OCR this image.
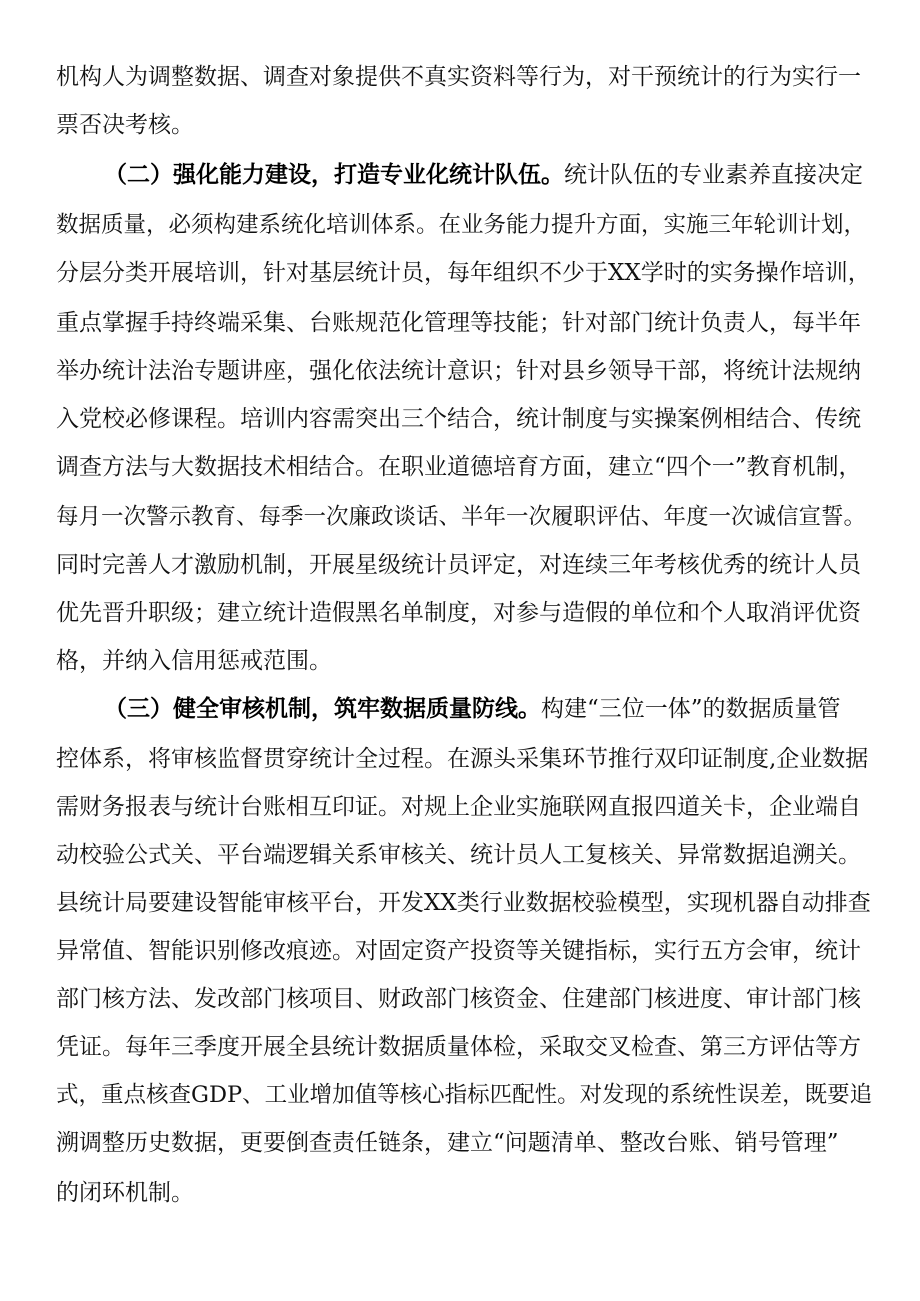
机构人为调整数据、调查对象提供不真实资料等行为，对干预统计的行为实行一

票否决考核。

（二）强化能力建设，打造专业化统计队伍。统计队伍的专业素养直接决定

数据质量，必须构建系统化培训体系。在业务能力提升方面，实施三年轮训计划，

分层分类开展培训，针对基层统计员，每年组织不少于XX学时的实务操作培训，

重点掌握手持终端采集、台账规范化管理等技能；针对部门统计负责人，每半年

举办统计法治专题讲座，强化依法统计意识；针对县乡领导干部，将统计法规纳

入党校必修课程。培训内容需突出三个结合，统计制度与实操案例相结合、传统

调查方法与大数据技术相结合。在职业道德培育方面，建立“四个一”教育机制，

每月一次警示教育、每季一次廉政谈话、半年一次履职评估、年度一次诚信宣誓。

同时完善人才激励机制，开展星级统计员评定，对连续三年考核优秀的统计人员

优先晋升职级；建立统计造假黑名单制度，对参与造假的单位和个人取消评优资

格，并纳入信用惩戒范围。

（三）健全审核机制，筑牢数据质量防线。构建“三位一体”的数据质量管

控体系，将审核监督贯穿统计全过程。在源头采集环节推行双印证制度,企业数据

需财务报表与统计台账相互印证。对规上企业实施联网直报四道关卡，企业端自

动校验公式关、平台端逻辑关系审核关、统计员人工复核关、异常数据追溯关。

县统计局要建设智能审核平台，开发XX类行业数据校验模型，实现机器自动排查

异常值、智能识别修改痕迹。对固定资产投资等关键指标，实行五方会审，统计

部门核方法、发改部门核项目、财政部门核资金、住建部门核进度、审计部门核

凭证。每年三季度开展全县统计数据质量体检，采取交叉检查、第三方评估等方

式，重点核查GDP、工业增加值等核心指标匹配性。对发现的系统性误差，既要追

溯调整历史数据，更要倒查责任链条，建立“问题清单、整改台账、销号管理”

的闭环机制。
